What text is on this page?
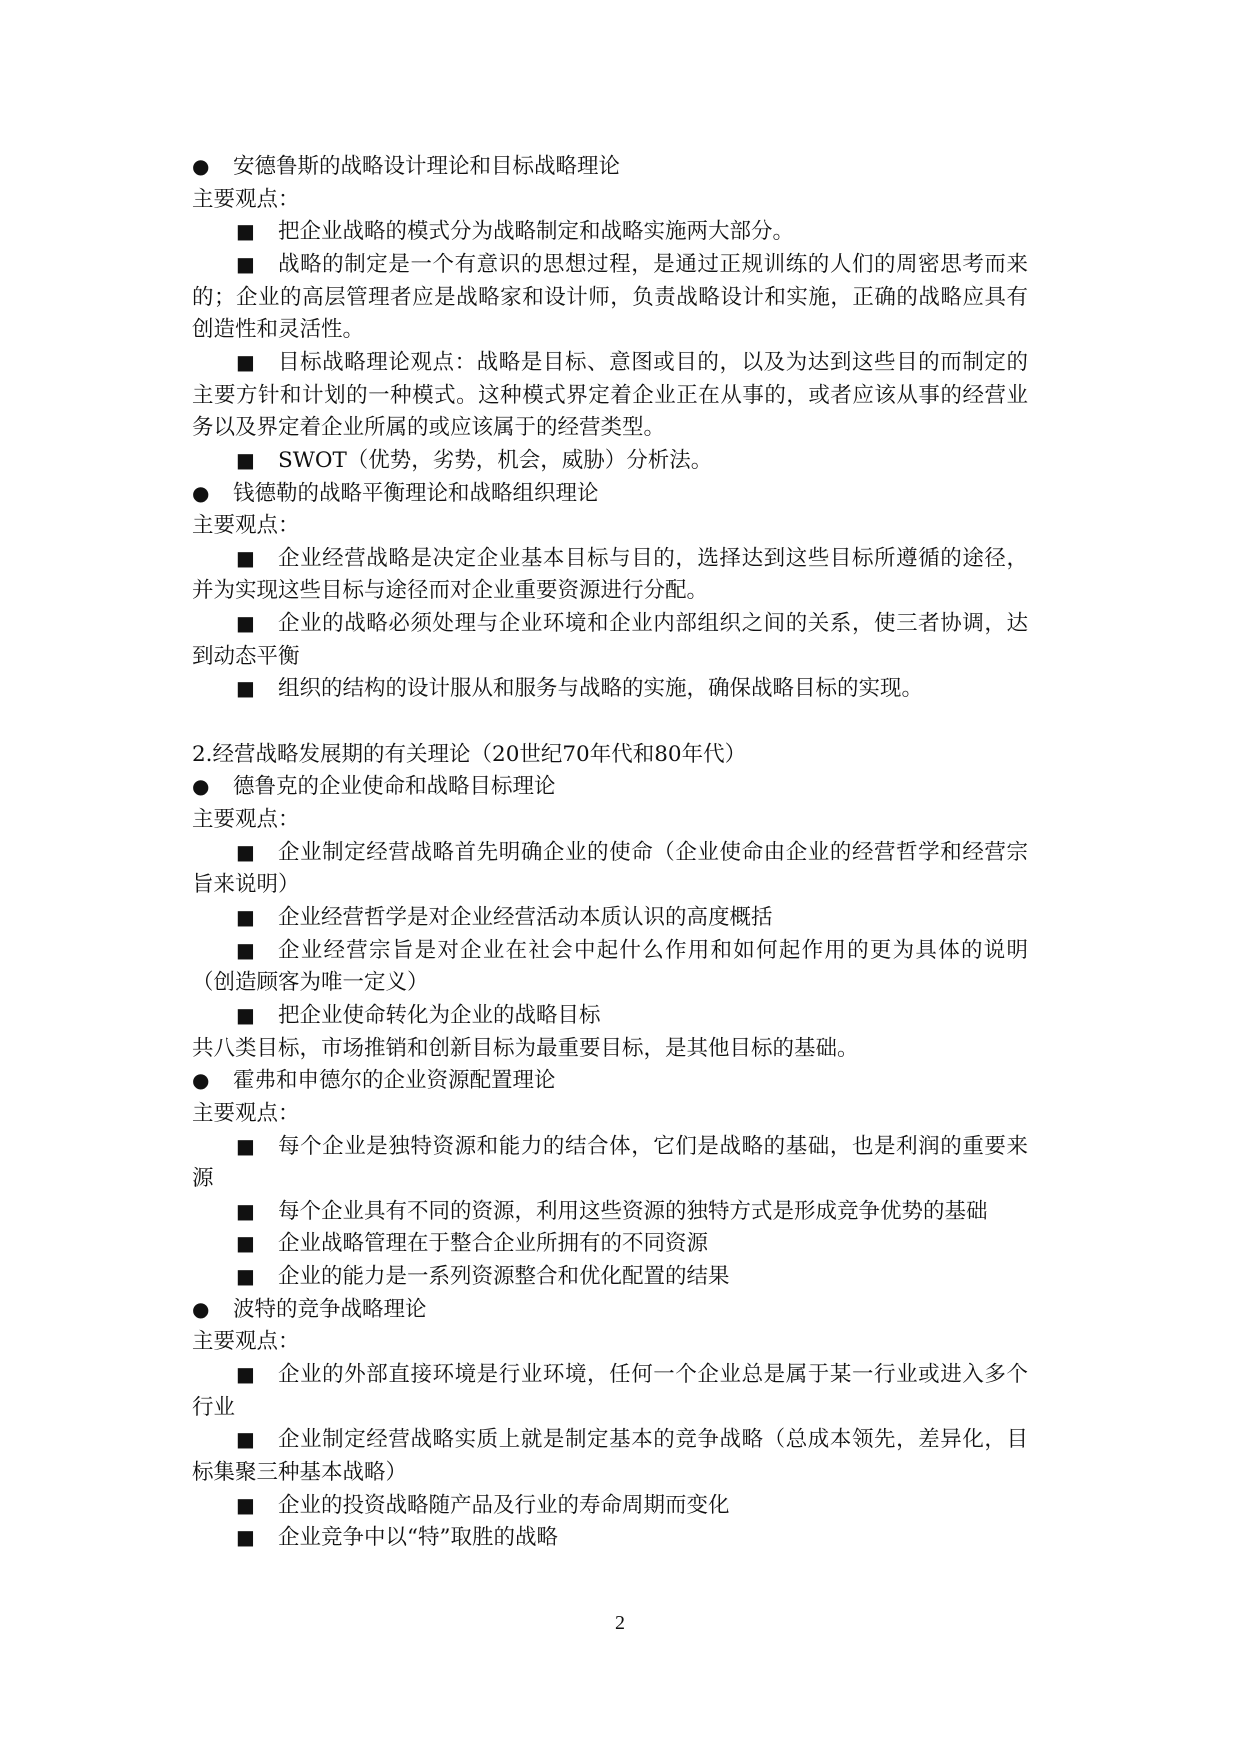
● 安德鲁斯的战略设计理论和目标战略理论
主要观点：
■ 把企业战略的模式分为战略制定和战略实施两大部分。
■ 战略的制定是一个有意识的思想过程，是通过正规训练的人们的周密思考而来
的；企业的高层管理者应是战略家和设计师，负责战略设计和实施，正确的战略应具有
创造性和灵活性。
■ 目标战略理论观点：战略是目标、意图或目的，以及为达到这些目的而制定的
主要方针和计划的一种模式。这种模式界定着企业正在从事的，或者应该从事的经营业
务以及界定着企业所属的或应该属于的经营类型。
■ SWOT（优势，劣势，机会，威胁）分析法。
● 钱德勒的战略平衡理论和战略组织理论
主要观点：
■ 企业经营战略是决定企业基本目标与目的，选择达到这些目标所遵循的途径，
并为实现这些目标与途径而对企业重要资源进行分配。
■ 企业的战略必须处理与企业环境和企业内部组织之间的关系，使三者协调，达
到动态平衡
■ 组织的结构的设计服从和服务与战略的实施，确保战略目标的实现。
2.经营战略发展期的有关理论（20世纪70年代和80年代）
● 德鲁克的企业使命和战略目标理论
主要观点：
■ 企业制定经营战略首先明确企业的使命（企业使命由企业的经营哲学和经营宗
旨来说明）
■ 企业经营哲学是对企业经营活动本质认识的高度概括
■ 企业经营宗旨是对企业在社会中起什么作用和如何起作用的更为具体的说明
（创造顾客为唯一定义）
■ 把企业使命转化为企业的战略目标
共八类目标，市场推销和创新目标为最重要目标，是其他目标的基础。
● 霍弗和申德尔的企业资源配置理论
主要观点：
■ 每个企业是独特资源和能力的结合体，它们是战略的基础，也是利润的重要来
源
■ 每个企业具有不同的资源，利用这些资源的独特方式是形成竞争优势的基础
■ 企业战略管理在于整合企业所拥有的不同资源
■ 企业的能力是一系列资源整合和优化配置的结果
● 波特的竞争战略理论
主要观点：
■ 企业的外部直接环境是行业环境，任何一个企业总是属于某一行业或进入多个
行业
■ 企业制定经营战略实质上就是制定基本的竞争战略（总成本领先，差异化，目
标集聚三种基本战略）
■ 企业的投资战略随产品及行业的寿命周期而变化
■ 企业竞争中以“特”取胜的战略
2
